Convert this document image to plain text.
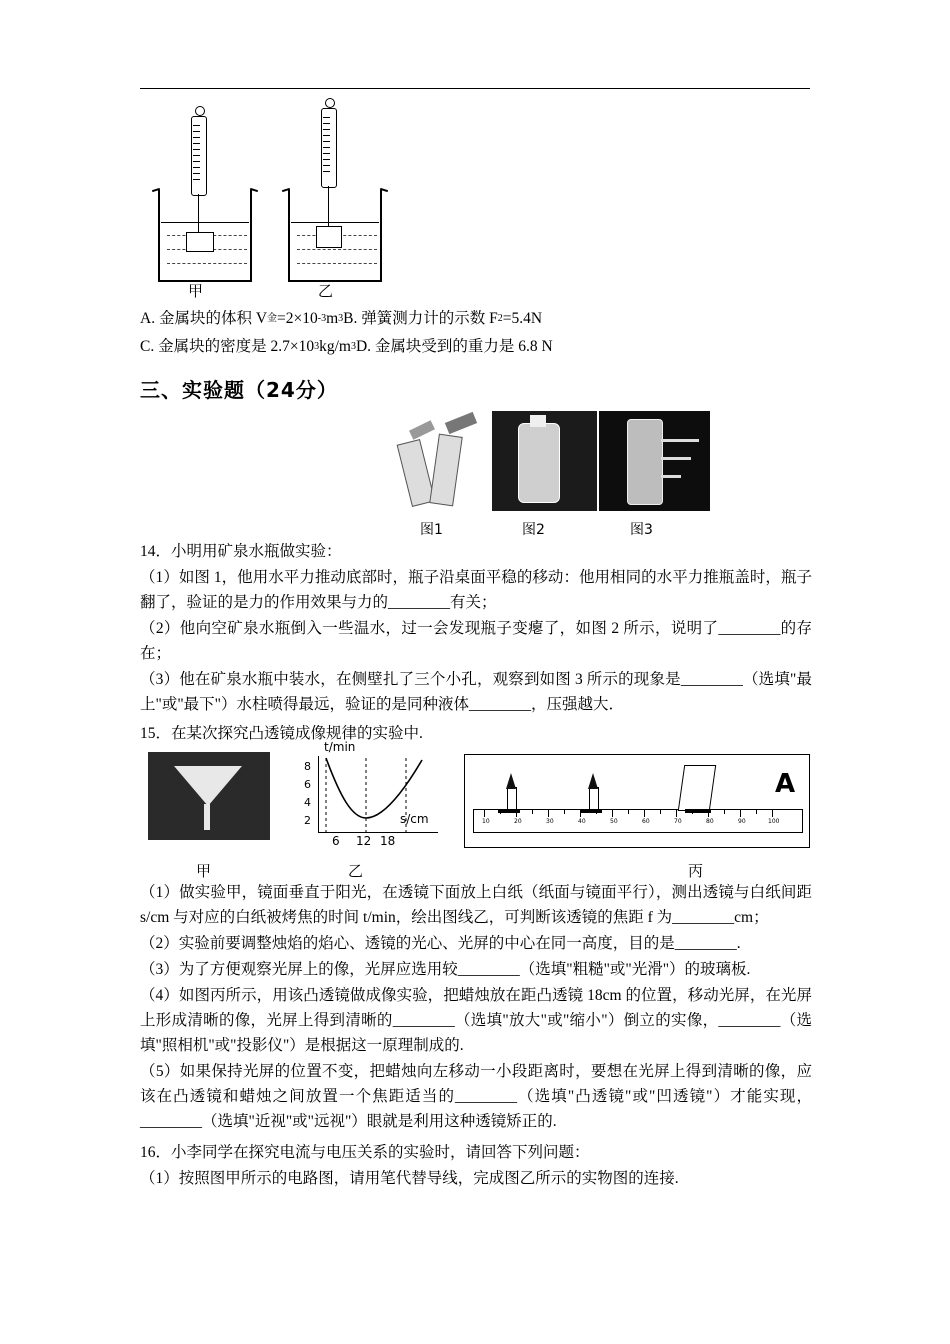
甲	乙
A. 金属块的体积 V 金 =2×10 -3 m 3 B. 弹簧测力计的示数 F 2 =5.4N
C. 金属块的密度是 2.7×10 3 kg/m 3 D. 金属块受到的重力是 6.8 N
三、实验题（24分）
图1	图2	图3

14．小明用矿泉水瓶做实验：

（1）如图 1，他用水平力推动底部时，瓶子沿桌面平稳的移动：他用相同的水平力推瓶盖时，瓶子翻了，验证的是力的作用效果与力的________有关；

（2）他向空矿泉水瓶倒入一些温水，过一会发现瓶子变瘪了，如图 2 所示，说明了________的存在；

（3）他在矿泉水瓶中装水，在侧壁扎了三个小孔，观察到如图 3 所示的现象是________（选填"最上"或"最下"）水柱喷得最远，验证的是同种液体________，压强越大．

15．在某次探究凸透镜成像规律的实验中.

t/min
s/cm
8
6
4
2
6 12 18
10	20	30	40	50	60	70	80	90	100
A
甲	乙	丙

（1）做实验甲，镜面垂直于阳光，在透镜下面放上白纸（纸面与镜面平行），测出透镜与白纸间距 s/cm 与对应的白纸被烤焦的时间 t/min，绘出图线乙，可判断该透镜的焦距 f 为________cm；

（2）实验前要调整烛焰的焰心、透镜的光心、光屏的中心在同一高度，目的是________.

（3）为了方便观察光屏上的像，光屏应选用较________（选填"粗糙"或"光滑"）的玻璃板.

（4）如图丙所示，用该凸透镜做成像实验，把蜡烛放在距凸透镜 18cm 的位置，移动光屏，在光屏上形成清晰的像，光屏上得到清晰的________（选填"放大"或"缩小"）倒立的实像，________（选填"照相机"或"投影仪"）是根据这一原理制成的.

（5）如果保持光屏的位置不变，把蜡烛向左移动一小段距离时，要想在光屏上得到清晰的像，应该在凸透镜和蜡烛之间放置一个焦距适当的________（选填"凸透镜"或"凹透镜"）才能实现，________（选填"近视"或"远视"）眼就是利用这种透镜矫正的.

16．小李同学在探究电流与电压关系的实验时，请回答下列问题：

（1）按照图甲所示的电路图，请用笔代替导线，完成图乙所示的实物图的连接.
